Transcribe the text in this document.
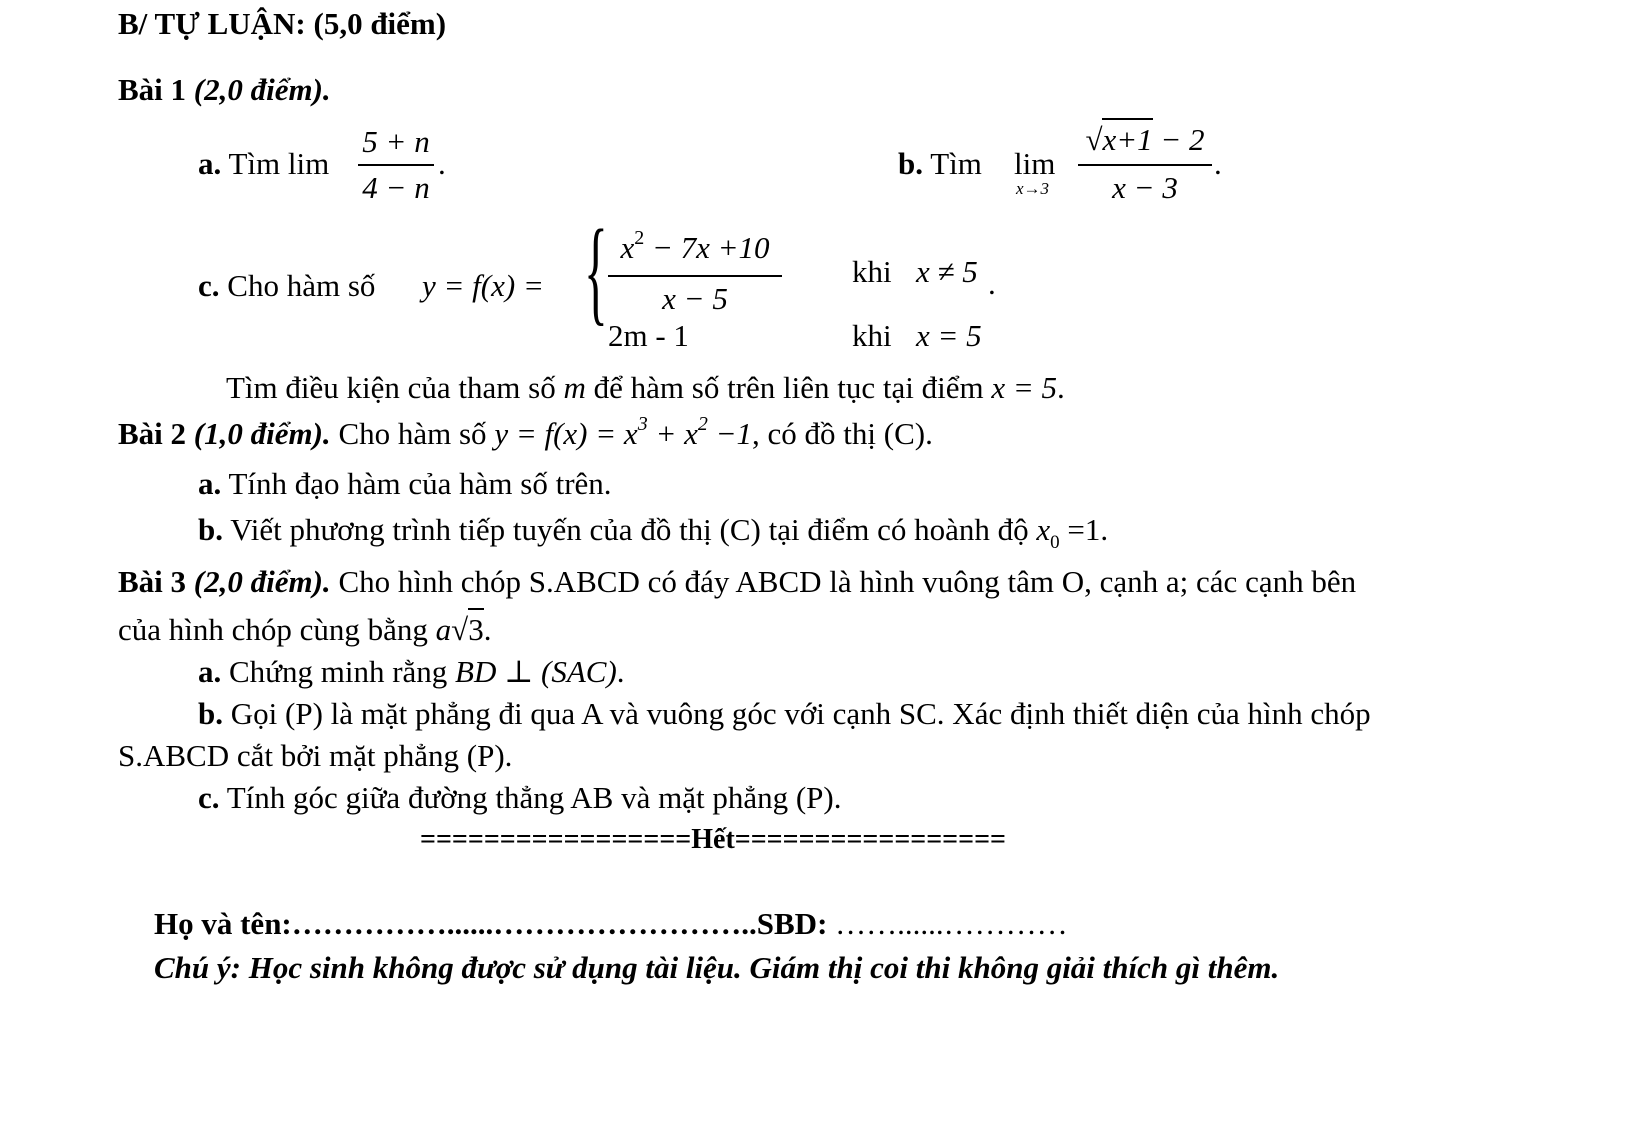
B/ TỰ LUẬN: (5,0 điểm)
Bài 1 (2,0 điểm).
a. Tìm lim
5 + n
4 − n
.	b. Tìm lim
x→3
√x+1 − 2
x − 3
.
c. Cho hàm số y = f(x) = { $x^2 - 7x +10$
x − 5
khi x ≠ 5 .
2m - 1	khi x = 5
Tìm điều kiện của tham số m để hàm số trên liên tục tại điểm x = 5.
Bài 2 (1,0 điểm). Cho hàm số $y = f(x) = x^3 + x^2 -1$, có đồ thị (C).
a. Tính đạo hàm của hàm số trên.
b. Viết phương trình tiếp tuyến của đồ thị (C) tại điểm có hoành độ $x_0 =1$.
Bài 3 (2,0 điểm). Cho hình chóp S.ABCD có đáy ABCD là hình vuông tâm O, cạnh a; các cạnh bên
của hình chóp cùng bằng a√3.
a. Chứng minh rằng BD ⊥ (SAC).
b. Gọi (P) là mặt phẳng đi qua A và vuông góc với cạnh SC. Xác định thiết diện của hình chóp
S.ABCD cắt bởi mặt phẳng (P).
c. Tính góc giữa đường thẳng AB và mặt phẳng (P).
=================Hết=================
Họ và tên:……………......……………………..SBD: ……......…………
Chú ý: Học sinh không được sử dụng tài liệu. Giám thị coi thi không giải thích gì thêm.
